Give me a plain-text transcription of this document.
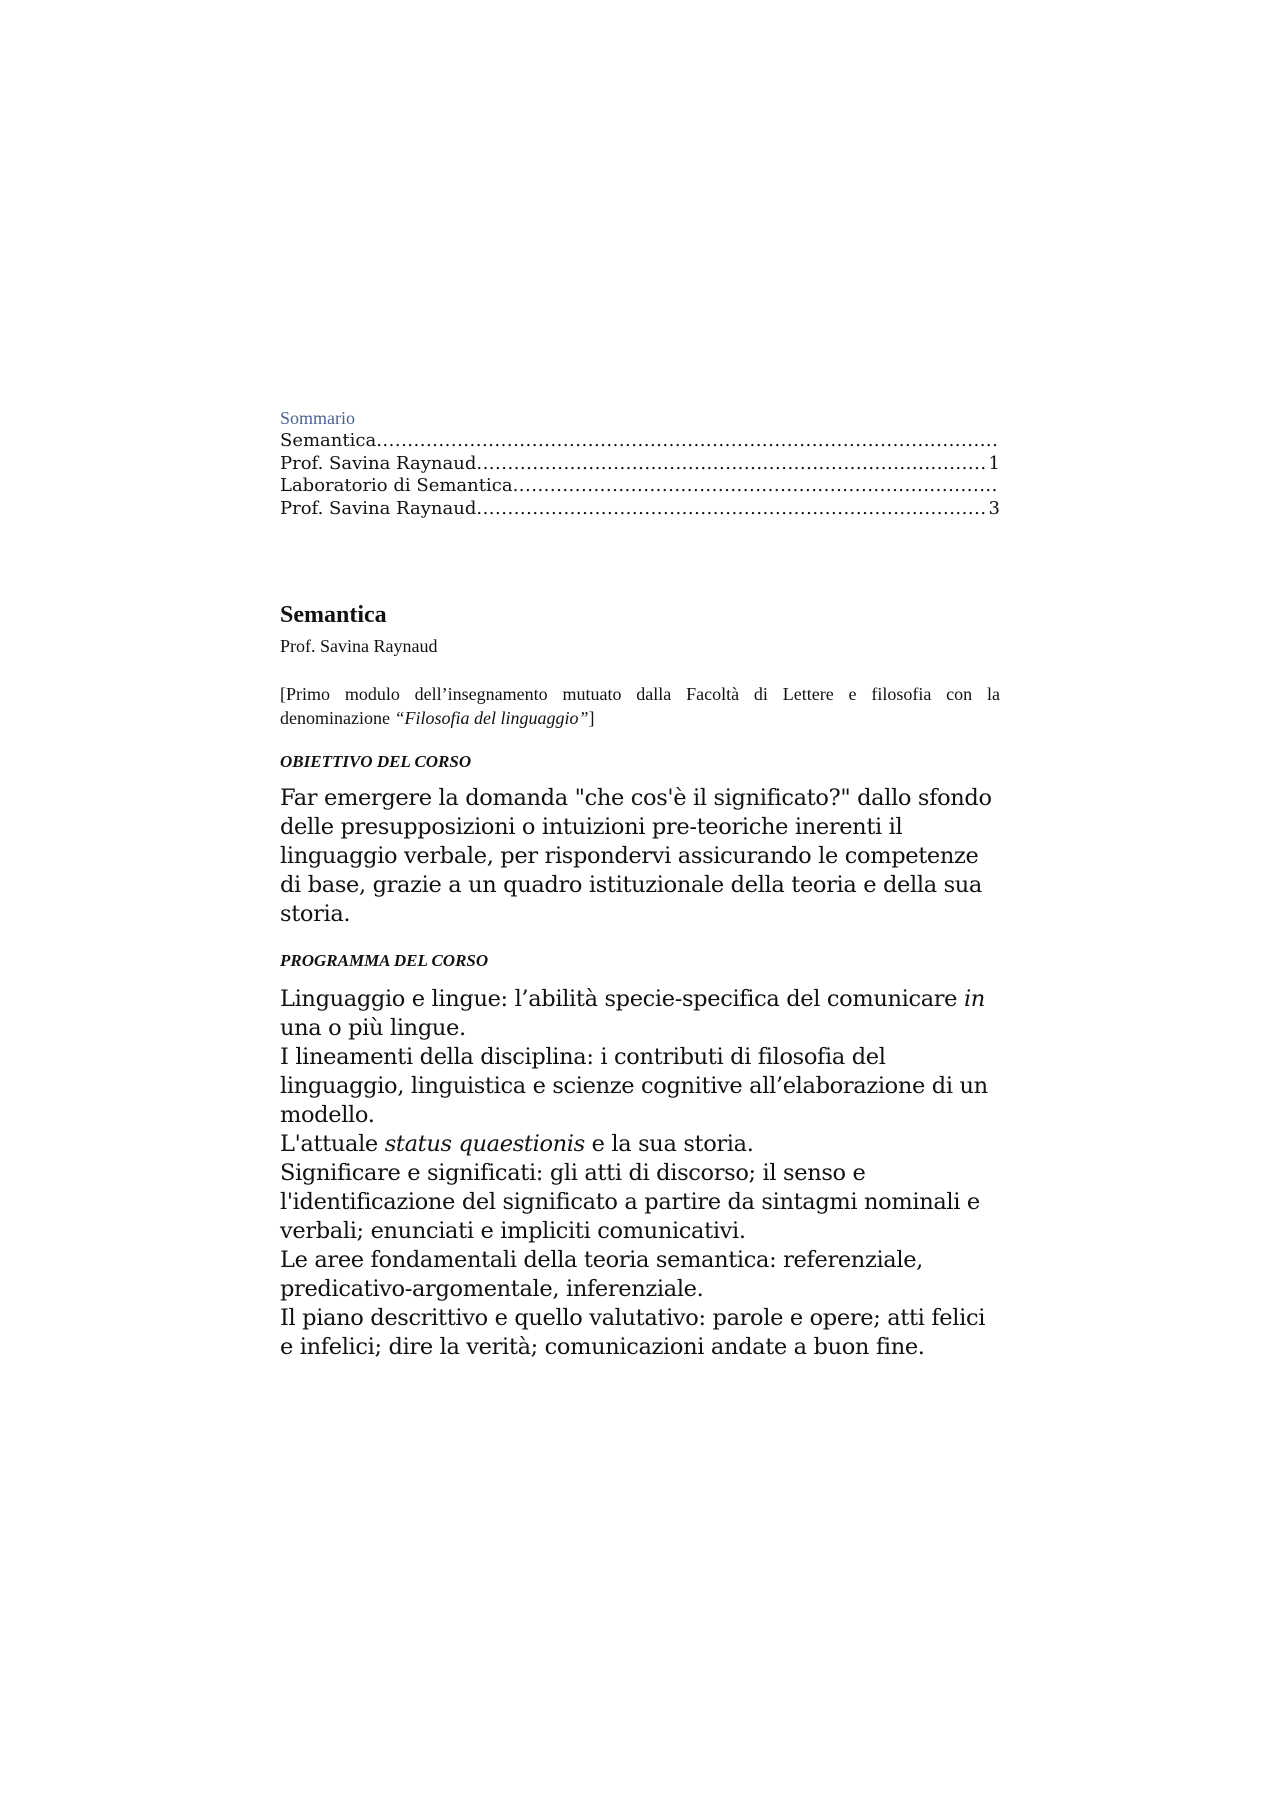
Sommario

Semantica
.....
Prof. Savina Raynaud .....	1
Laboratorio di Semantica
.....
Prof. Savina Raynaud .....	3
Semantica

Prof. Savina Raynaud

[Primo modulo dell’insegnamento mutuato dalla Facoltà di Lettere e filosofia con la denominazione “Filosofia del linguaggio”]

OBIETTIVO DEL CORSO

Far emergere la domanda "che cos'è il significato?" dallo sfondo delle presupposizioni o intuizioni pre-teoriche inerenti il linguaggio verbale, per rispondervi assicurando le competenze di base, grazie a un quadro istituzionale della teoria e della sua storia.

PROGRAMMA DEL CORSO

Linguaggio e lingue: l’abilità specie-specifica del comunicare in una o più lingue.
I lineamenti della disciplina: i contributi di filosofia del linguaggio, linguistica e scienze cognitive all’elaborazione di un modello.
L'attuale status quaestionis e la sua storia.
Significare e significati: gli atti di discorso; il senso e l'identificazione del significato a partire da sintagmi nominali e verbali; enunciati e impliciti comunicativi.
Le aree fondamentali della teoria semantica: referenziale, predicativo-argomentale, inferenziale.
Il piano descrittivo e quello valutativo: parole e opere; atti felici e infelici; dire la verità; comunicazioni andate a buon fine.
